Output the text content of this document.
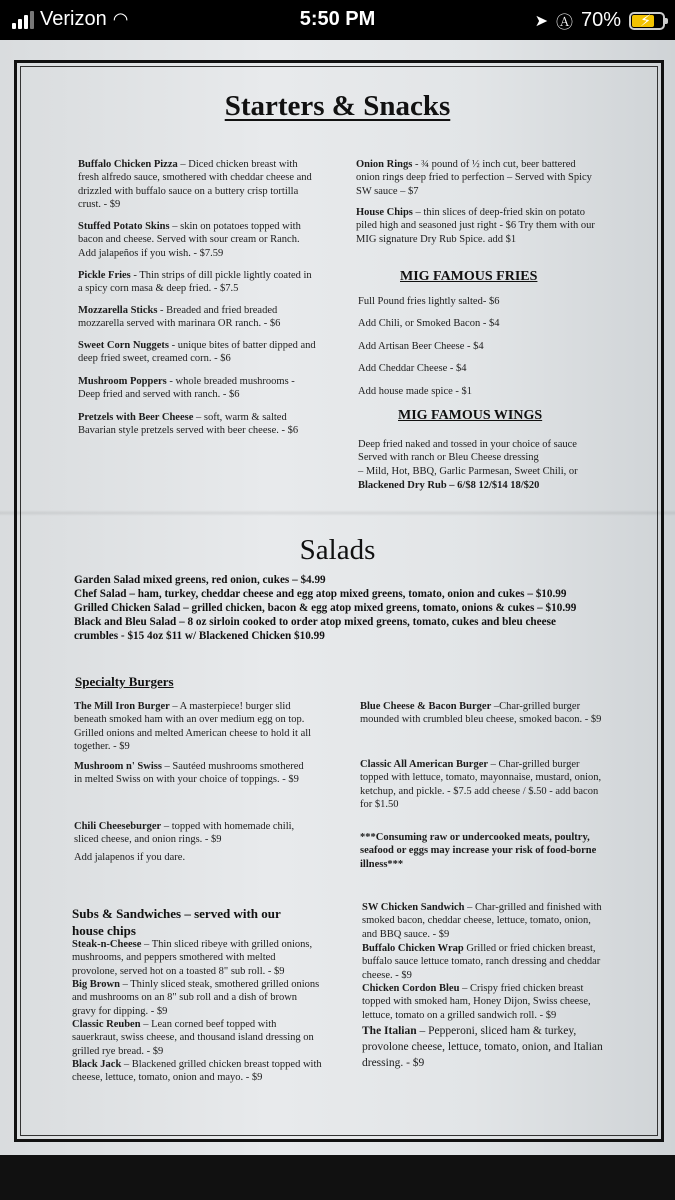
Verizon ◠	5:50 PM	➤ Ⓐ 70% ⚡
Starters & Snacks
Buffalo Chicken Pizza – Diced chicken breast with fresh alfredo sauce, smothered with cheddar cheese and drizzled with buffalo sauce on a buttery crisp tortilla crust. - $9
Stuffed Potato Skins – skin on potatoes topped with bacon and cheese. Served with sour cream or Ranch. Add jalapeños if you wish. - $7.59
Pickle Fries - Thin strips of dill pickle lightly coated in a spicy corn masa & deep fried. - $7.5
Mozzarella Sticks - Breaded and fried breaded mozzarella served with marinara OR ranch. - $6
Sweet Corn Nuggets - unique bites of batter dipped and deep fried sweet, creamed corn. - $6
Mushroom Poppers - whole breaded mushrooms - Deep fried and served with ranch. - $6
Pretzels with Beer Cheese – soft, warm & salted Bavarian style pretzels served with beer cheese. - $6
Onion Rings - ¾ pound of ½ inch cut, beer battered onion rings deep fried to perfection – Served with Spicy SW sauce – $7
House Chips – thin slices of deep-fried skin on potato piled high and seasoned just right - $6 Try them with our MIG signature Dry Rub Spice. add $1
MIG FAMOUS FRIES
Full Pound fries lightly salted- $6
Add Chili, or Smoked Bacon - $4
Add Artisan Beer Cheese - $4
Add Cheddar Cheese - $4
Add house made spice - $1
MIG FAMOUS WINGS
Deep fried naked and tossed in your choice of sauce
Served with ranch or Bleu Cheese dressing
– Mild, Hot, BBQ, Garlic Parmesan, Sweet Chili, or
Blackened Dry Rub – 6/$8 12/$14 18/$20
Salads
Garden Salad mixed greens, red onion, cukes – $4.99
Chef Salad – ham, turkey, cheddar cheese and egg atop mixed greens, tomato, onion and cukes – $10.99
Grilled Chicken Salad – grilled chicken, bacon & egg atop mixed greens, tomato, onions & cukes – $10.99
Black and Bleu Salad – 8 oz sirloin cooked to order atop mixed greens, tomato, cukes and bleu cheese
crumbles - $15 4oz $11 w/ Blackened Chicken $10.99
Specialty Burgers
The Mill Iron Burger – A masterpiece! burger slid beneath smoked ham with an over medium egg on top. Grilled onions and melted American cheese to hold it all together. - $9
Mushroom n' Swiss – Sautéed mushrooms smothered in melted Swiss on with your choice of toppings. - $9
Chili Cheeseburger – topped with homemade chili, sliced cheese, and onion rings. - $9
Add jalapenos if you dare.
Blue Cheese & Bacon Burger –Char-grilled burger mounded with crumbled bleu cheese, smoked bacon. - $9
Classic All American Burger – Char-grilled burger topped with lettuce, tomato, mayonnaise, mustard, onion, ketchup, and pickle. - $7.5 add cheese / $.50 - add bacon for $1.50
***Consuming raw or undercooked meats, poultry, seafood or eggs may increase your risk of food-borne illness***
Subs & Sandwiches – served with our house chips
Steak-n-Cheese – Thin sliced ribeye with grilled onions, mushrooms, and peppers smothered with melted provolone, served hot on a toasted 8" sub roll. - $9
Big Brown – Thinly sliced steak, smothered grilled onions and mushrooms on an 8" sub roll and a dish of brown gravy for dipping. - $9
Classic Reuben – Lean corned beef topped with sauerkraut, swiss cheese, and thousand island dressing on grilled rye bread. - $9
Black Jack – Blackened grilled chicken breast topped with cheese, lettuce, tomato, onion and mayo. - $9
SW Chicken Sandwich – Char-grilled and finished with smoked bacon, cheddar cheese, lettuce, tomato, onion, and BBQ sauce. - $9
Buffalo Chicken Wrap Grilled or fried chicken breast, buffalo sauce lettuce tomato, ranch dressing and cheddar cheese. - $9
Chicken Cordon Bleu – Crispy fried chicken breast topped with smoked ham, Honey Dijon, Swiss cheese, lettuce, tomato on a grilled sandwich roll. - $9
The Italian – Pepperoni, sliced ham & turkey, provolone cheese, lettuce, tomato, onion, and Italian dressing. - $9
